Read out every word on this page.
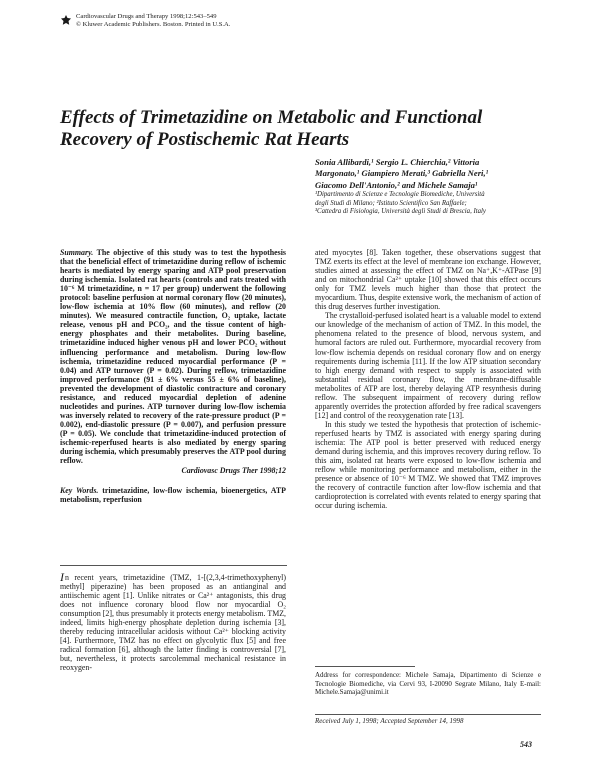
Cardiovascular Drugs and Therapy 1998;12:543–549
© Kluwer Academic Publishers. Boston. Printed in U.S.A.
Effects of Trimetazidine on Metabolic and Functional
Recovery of Postischemic Rat Hearts
Sonia Allibardi,¹ Sergio L. Chierchia,² Vittoria
Margonato,¹ Giampiero Merati,³ Gabriella Neri,¹
Giacomo Dell'Antonio,² and Michele Samaja¹
¹Dipartimento di Scienze e Tecnologie Biomediche, Università
degli Studi di Milano; ²Istituto Scientifico San Raffaele;
³Cattedra di Fisiologia, Università degli Studi di Brescia, Italy

Summary. The objective of this study was to test the hypothesis that the beneficial effect of trimetazidine during reflow of ischemic hearts is mediated by energy sparing and ATP pool preservation during ischemia. Isolated rat hearts (controls and rats treated with 10⁻⁶ M trimetazidine, n = 17 per group) underwent the following protocol: baseline perfusion at normal coronary flow (20 minutes), low-flow ischemia at 10% flow (60 minutes), and reflow (20 minutes). We measured contractile function, O₂ uptake, lactate release, venous pH and PCO₂, and the tissue content of high-energy phosphates and their metabolites. During baseline, trimetazidine induced higher venous pH and lower PCO₂ without influencing performance and metabolism. During low-flow ischemia, trimetazidine reduced myocardial performance (P = 0.04) and ATP turnover (P = 0.02). During reflow, trimetazidine improved performance (91 ± 6% versus 55 ± 6% of baseline), prevented the development of diastolic contracture and coronary resistance, and reduced myocardial depletion of adenine nucleotides and purines. ATP turnover during low-flow ischemia was inversely related to recovery of the rate-pressure product (P = 0.002), end-diastolic pressure (P = 0.007), and perfusion pressure (P = 0.05). We conclude that trimetazidine-induced protection of ischemic-reperfused hearts is also mediated by energy sparing during ischemia, which presumably preserves the ATP pool during reflow.

Cardiovasc Drugs Ther 1998;12

Key Words. trimetazidine, low-flow ischemia, bioenergetics, ATP metabolism, reperfusion

In recent years, trimetazidine (TMZ, 1-[(2,3,4-trimethoxyphenyl) methyl] piperazine) has been proposed as an antianginal and antiischemic agent [1]. Unlike nitrates or Ca²⁺ antagonists, this drug does not influence coronary blood flow nor myocardial O₂ consumption [2], thus presumably it protects energy metabolism. TMZ, indeed, limits high-energy phosphate depletion during ischemia [3], thereby reducing intracellular acidosis without Ca²⁺ blocking activity [4]. Furthermore, TMZ has no effect on glycolytic flux [5] and free radical formation [6], although the latter finding is controversial [7], but, nevertheless, it protects sarcolemmal mechanical resistance in reoxygen-

ated myocytes [8]. Taken together, these observations suggest that TMZ exerts its effect at the level of membrane ion exchange. However, studies aimed at assessing the effect of TMZ on Na⁺,K⁺-ATPase [9] and on mitochondrial Ca²⁺ uptake [10] showed that this effect occurs only for TMZ levels much higher than those that protect the myocardium. Thus, despite extensive work, the mechanism of action of this drug deserves further investigation.

The crystalloid-perfused isolated heart is a valuable model to extend our knowledge of the mechanism of action of TMZ. In this model, the phenomena related to the presence of blood, nervous system, and humoral factors are ruled out. Furthermore, myocardial recovery from low-flow ischemia depends on residual coronary flow and on energy requirements during ischemia [11]. If the low ATP situation secondary to high energy demand with respect to supply is associated with substantial residual coronary flow, the membrane-diffusable metabolites of ATP are lost, thereby delaying ATP resynthesis during reflow. The subsequent impairment of recovery during reflow apparently overrides the protection afforded by free radical scavengers [12] and control of the reoxygenation rate [13].

In this study we tested the hypothesis that protection of ischemic-reperfused hearts by TMZ is associated with energy sparing during ischemia: The ATP pool is better preserved with reduced energy demand during ischemia, and this improves recovery during reflow. To this aim, isolated rat hearts were exposed to low-flow ischemia and reflow while monitoring performance and metabolism, either in the presence or absence of 10⁻⁶ M TMZ. We showed that TMZ improves the recovery of contractile function after low-flow ischemia and that cardioprotection is correlated with events related to energy sparing that occur during ischemia.

Address for correspondence: Michele Samaja, Dipartimento di Scienze e Tecnologie Biomediche, via Cervi 93, I-20090 Segrate Milano, Italy E-mail: Michele.Samaja@unimi.it
Received July 1, 1998; Accepted September 14, 1998
543
